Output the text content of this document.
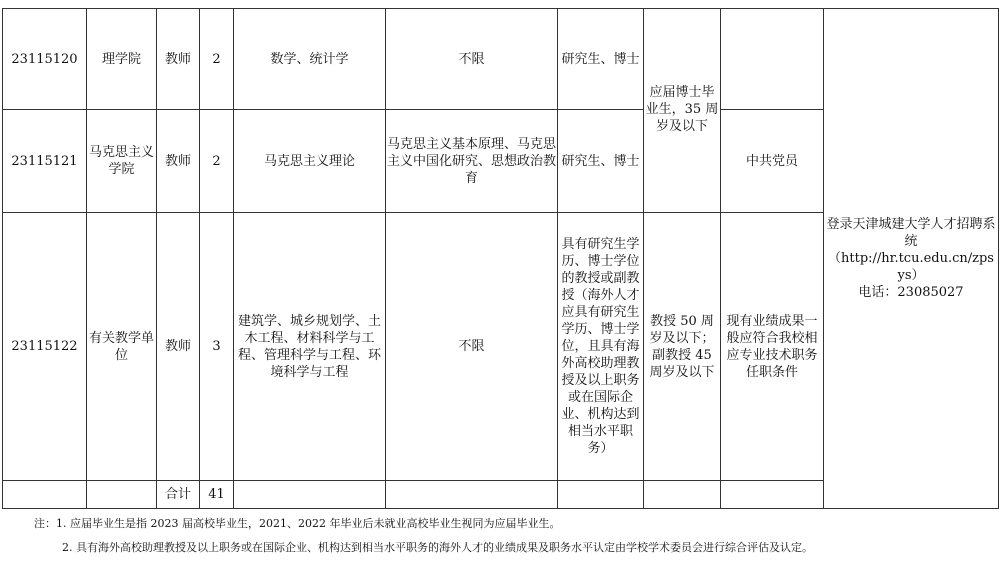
23115120	理学院	教师	2	数学、统计学	不限	研究生、博士	应届博士毕业生，35 周岁及以下		登录天津城建大学人才招聘系统
（http://hr.tcu.edu.cn/zpsys）
电话：23085027

23115121	马克思主义学院	教师	2	马克思主义理论	马克思主义基本原理、马克思主义中国化研究、思想政治教育	研究生、博士		中共党员	
23115122	有关教学单位	教师	3	建筑学、城乡规划学、土木工程、材料科学与工程、管理科学与工程、环境科学与工程	不限	具有研究生学历、博士学位的教授或副教授（海外人才应具有研究生学历、博士学位，且具有海外高校助理教授及以上职务或在国际企业、机构达到相当水平职务）	教授 50 周岁及以下；副教授 45 周岁及以下	现有业绩成果一般应符合我校相应专业技术职务任职条件	
		合计	41						
注：1. 应届毕业生是指 2023 届高校毕业生，2021、2022 年毕业后未就业高校毕业生视同为应届毕业生。
2. 具有海外高校助理教授及以上职务或在国际企业、机构达到相当水平职务的海外人才的业绩成果及职务水平认定由学校学术委员会进行综合评估及认定。
